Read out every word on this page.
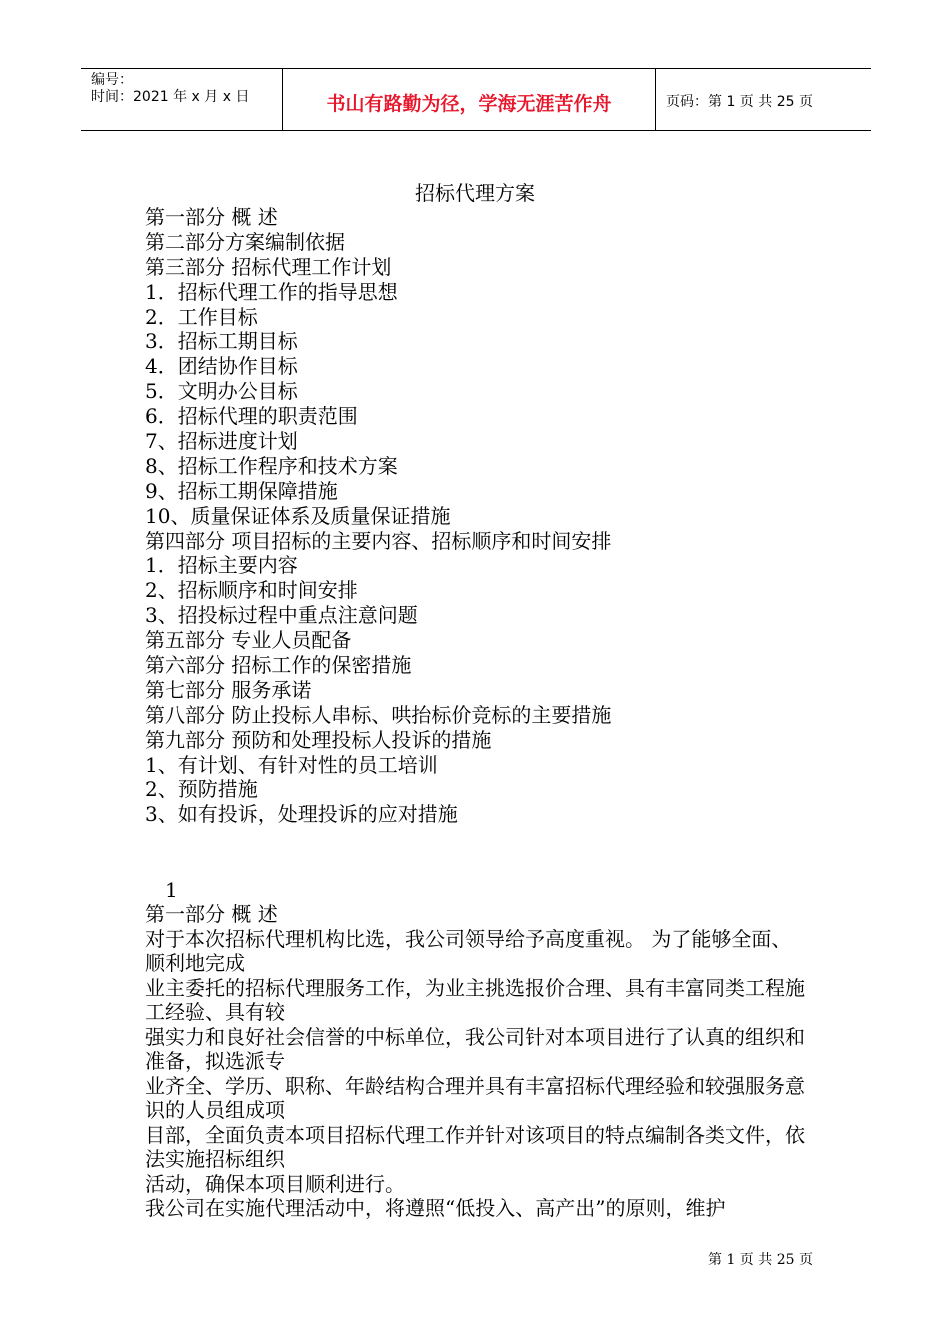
编号：
时间：2021 年 x 月 x 日	书山有路勤为径，学海无涯苦作舟	页码：第 1 页 共 25 页
招标代理方案
第一部分 概 述
第二部分方案编制依据
第三部分 招标代理工作计划
1．招标代理工作的指导思想
2．工作目标
3．招标工期目标
4．团结协作目标
5．文明办公目标
6．招标代理的职责范围
7、招标进度计划
8、招标工作程序和技术方案
9、招标工期保障措施
10、质量保证体系及质量保证措施
第四部分 项目招标的主要内容、招标顺序和时间安排
1．招标主要内容
2、招标顺序和时间安排
3、招投标过程中重点注意问题
第五部分 专业人员配备
第六部分 招标工作的保密措施
第七部分 服务承诺
第八部分 防止投标人串标、哄抬标价竞标的主要措施
第九部分 预防和处理投标人投诉的措施
1、有计划、有针对性的员工培训
2、预防措施
3、如有投诉，处理投诉的应对措施
1
第一部分 概 述
对于本次招标代理机构比选，我公司领导给予高度重视。 为了能够全面、顺利地完成
业主委托的招标代理服务工作，为业主挑选报价合理、具有丰富同类工程施工经验、具有较
强实力和良好社会信誉的中标单位，我公司针对本项目进行了认真的组织和准备，拟选派专
业齐全、学历、职称、年龄结构合理并具有丰富招标代理经验和较强服务意识的人员组成项
目部，全面负责本项目招标代理工作并针对该项目的特点编制各类文件，依法实施招标组织
活动，确保本项目顺利进行。
我公司在实施代理活动中，将遵照“低投入、高产出”的原则，维护
第 1 页 共 25 页
